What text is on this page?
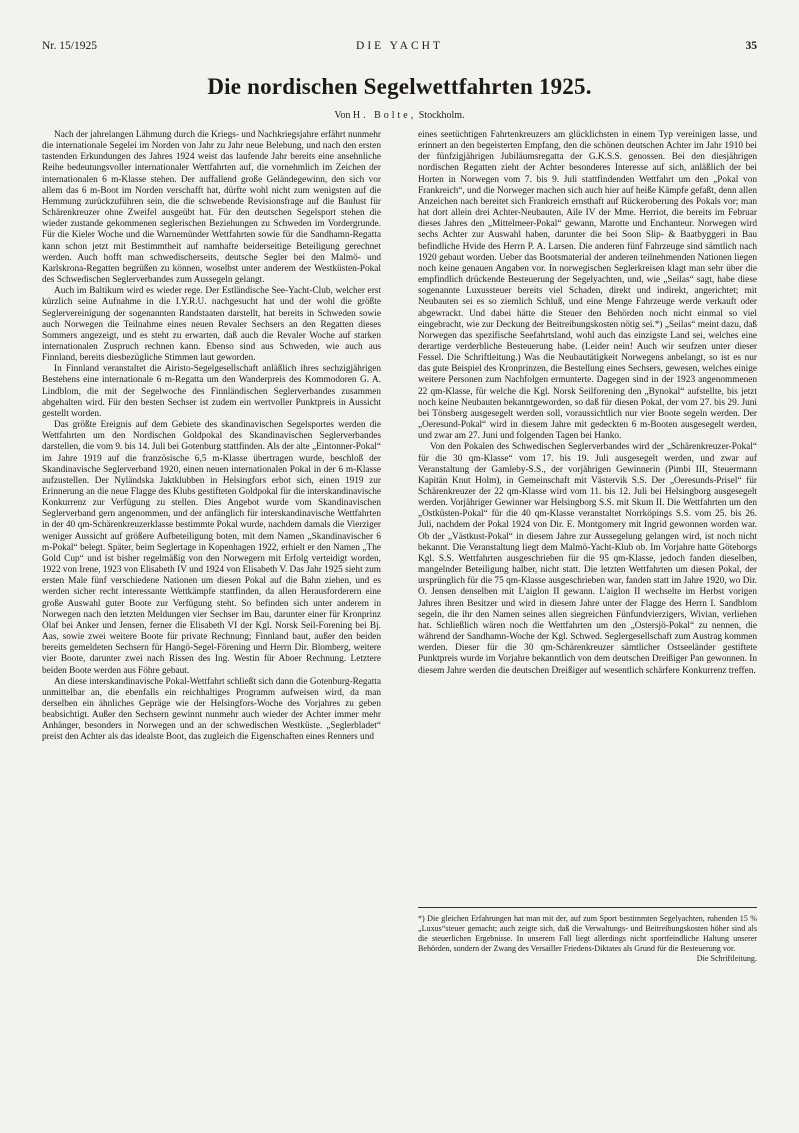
Nr. 15/1925	DIE YACHT	35
Die nordischen Segelwettfahrten 1925.
Von H. Bolte, Stockholm.

Nach der jahrelangen Lähmung durch die Kriegs- und Nachkriegsjahre erfährt nunmehr die internationale Segelei im Norden von Jahr zu Jahr neue Belebung, und nach den ersten tastenden Erkundungen des Jahres 1924 weist das laufende Jahr bereits eine ansehnliche Reihe bedeutungsvoller internationaler Wettfahrten auf, die vornehmlich im Zeichen der internationalen 6 m-Klasse stehen. Der auffallend große Geländegewinn, den sich vor allem das 6 m-Boot im Norden verschafft hat, dürfte wohl nicht zum wenigsten auf die Hemmung zurückzuführen sein, die die schwebende Revisionsfrage auf die Baulust für Schärenkreuzer ohne Zweifel ausgeübt hat. Für den deutschen Segelsport stehen die wieder zustande gekommenen seglerischen Beziehungen zu Schweden im Vordergrunde. Für die Kieler Woche und die Warnemünder Wettfahrten sowie für die Sandhamn-Regatta kann schon jetzt mit Bestimmtheit auf namhafte beiderseitige Beteiligung gerechnet werden. Auch hofft man schwedischerseits, deutsche Segler bei den Malmö- und Karlskrona-Regatten begrüßen zu können, woselbst unter anderem der Westküsten-Pokal des Schwedischen Seglerverbandes zum Aussegeln gelangt.

Auch im Baltikum wird es wieder rege. Der Estländische See-Yacht-Club, welcher erst kürzlich seine Aufnahme in die I.Y.R.U. nachgesucht hat und der wohl die größte Seglervereinigung der sogenannten Randstaaten darstellt, hat bereits in Schweden sowie auch Norwegen die Teilnahme eines neuen Revaler Sechsers an den Regatten dieses Sommers angezeigt, und es steht zu erwarten, daß auch die Revaler Woche auf starken internationalen Zuspruch rechnen kann. Ebenso sind aus Schweden, wie auch aus Finnland, bereits diesbezügliche Stimmen laut geworden.

In Finnland veranstaltet die Airisto-Segelgesellschaft anläßlich ihres sechzigjährigen Bestehens eine internationale 6 m-Regatta um den Wanderpreis des Kommodoren G. A. Lindblom, die mit der Segelwoche des Finnländischen Seglerverbandes zusammen abgehalten wird. Für den besten Sechser ist zudem ein wertvoller Punktpreis in Aussicht gestellt worden.

Das größte Ereignis auf dem Gebiete des skandinavischen Segelsportes werden die Wettfahrten um den Nordischen Goldpokal des Skandinavischen Seglerverbandes darstellen, die vom 9. bis 14. Juli bei Gotenburg stattfinden. Als der alte „Eintonner-Pokal“ im Jahre 1919 auf die französische 6,5 m-Klasse übertragen wurde, beschloß der Skandinavische Seglerverband 1920, einen neuen internationalen Pokal in der 6 m-Klasse aufzustellen. Der Nyländska Jaktklubben in Helsingfors erbot sich, einen 1919 zur Erinnerung an die neue Flagge des Klubs gestifteten Goldpokal für die interskandinavische Konkurrenz zur Verfügung zu stellen. Dies Angebot wurde vom Skandinavischen Seglerverband gern angenommen, und der anfänglich für interskandinavische Wettfahrten in der 40 qm-Schärenkreuzerklasse bestimmte Pokal wurde, nachdem damals die Vierziger weniger Aussicht auf größere Aufbeteiligung boten, mit dem Namen „Skandinavischer 6 m-Pokal“ belegt. Später, beim Seglertage in Kopenhagen 1922, erhielt er den Namen „The Gold Cup“ und ist bisher regelmäßig von den Norwegern mit Erfolg verteidigt worden, 1922 von Irene, 1923 von Elisabeth IV und 1924 von Elisabeth V. Das Jahr 1925 sieht zum ersten Male fünf verschiedene Nationen um diesen Pokal auf die Bahn ziehen, und es werden sicher recht interessante Wettkämpfe stattfinden, da allen Herausforderern eine große Auswahl guter Boote zur Verfügung steht. So befinden sich unter anderem in Norwegen nach den letzten Meldungen vier Sechser im Bau, darunter einer für Kronprinz Olaf bei Anker und Jensen, ferner die Elisabeth VI der Kgl. Norsk Seil-Forening bei Bj. Aas, sowie zwei weitere Boote für private Rechnung; Finnland baut, außer den beiden bereits gemeldeten Sechsern für Hangö-Segel-Förening und Herrn Dir. Blomberg, weitere vier Boote, darunter zwei nach Rissen des Ing. Westin für Aboer Rechnung. Letztere beiden Boote werden aus Föhre gebaut.

An diese interskandinavische Pokal-Wettfahrt schließt sich dann die Gotenburg-Regatta unmittelbar an, die ebenfalls ein reichhaltiges Programm aufweisen wird, da man derselben ein ähnliches Gepräge wie der Helsingfors-Woche des Vorjahres zu geben beabsichtigt. Außer den Sechsern gewinnt nunmehr auch wieder der Achter immer mehr Anhänger, besonders in Norwegen und an der schwedischen Westküste. „Seglerbladet“ preist den Achter als das idealste Boot, das zugleich die Eigenschaften eines Renners und

eines seetüchtigen Fahrtenkreuzers am glücklichsten in einem Typ vereinigen lasse, und erinnert an den begeisterten Empfang, den die schönen deutschen Achter im Jahr 1910 bei der fünfzigjährigen Jubiläumsregatta der G.K.S.S. genossen. Bei den diesjährigen nordischen Regatten zieht der Achter besonderes Interesse auf sich, anläßlich der bei Horten in Norwegen vom 7. bis 9. Juli stattfindenden Wettfahrt um den „Pokal von Frankreich“, und die Norweger machen sich auch hier auf heiße Kämpfe gefaßt, denn allen Anzeichen nach bereitet sich Frankreich ernsthaft auf Rückeroberung des Pokals vor; man hat dort allein drei Achter-Neubauten, Aile IV der Mme. Herriot, die bereits im Februar dieses Jahres den „Mittelmeer-Pokal“ gewann, Marotte und Enchanteur. Norwegen wird sechs Achter zur Auswahl haben, darunter die bei Soon Slip- & Baatbyggeri in Bau befindliche Hvide des Herrn P. A. Larsen. Die anderen fünf Fahrzeuge sind sämtlich nach 1920 gebaut worden. Ueber das Bootsmaterial der anderen teilnehmenden Nationen liegen noch keine genauen Angaben vor. In norwegischen Seglerkreisen klagt man sehr über die empfindlich drückende Besteuerung der Segelyachten, und, wie „Seilas“ sagt, habe diese sogenannte Luxussteuer bereits viel Schaden, direkt und indirekt, angerichtet; mit Neubauten sei es so ziemlich Schluß, und eine Menge Fahrzeuge werde verkauft oder abgewrackt. Und dabei hätte die Steuer den Behörden noch nicht einmal so viel eingebracht, wie zur Deckung der Beitreibungskosten nötig sei.*) „Seilas“ meint dazu, daß Norwegen das spezifische Seefahrtsland, wohl auch das einzigste Land sei, welches eine derartige verderbliche Besteuerung habe. (Leider nein! Auch wir seufzen unter dieser Fessel. Die Schriftleitung.) Was die Neubautätigkeit Norwegens anbelangt, so ist es nur das gute Beispiel des Kronprinzen, die Bestellung eines Sechsers, gewesen, welches einige weitere Personen zum Nachfolgen ermunterte. Dagegen sind in der 1923 angenommenen 22 qm-Klasse, für welche die Kgl. Norsk Seilforening den „Bynokal“ aufstellte, bis jetzt noch keine Neubauten bekanntgeworden, so daß für diesen Pokal, der vom 27. bis 29. Juni bei Tönsberg ausgesegelt werden soll, voraussichtlich nur vier Boote segeln werden. Der „Oeresund-Pokal“ wird in diesem Jahre mit gedeckten 6 m-Booten ausgesegelt werden, und zwar am 27. Juni und folgenden Tagen bei Hanko.

Von den Pokalen des Schwedischen Seglerverbandes wird der „Schärenkreuzer-Pokal“ für die 30 qm-Klasse“ vom 17. bis 19. Juli ausgesegelt werden, und zwar auf Veranstaltung der Gamleby-S.S., der vorjährigen Gewinnerin (Pimbi III, Steuermann Kapitän Knut Holm), in Gemeinschaft mit Västervik S.S. Der „Oeresunds-Prisel“ für Schärenkreuzer der 22 qm-Klasse wird vom 11. bis 12. Juli bei Helsingborg ausgesegelt werden. Vorjähriger Gewinner war Helsingborg S.S. mit Skum II. Die Wettfahrten um den „Ostküsten-Pokal“ für die 40 qm-Klasse veranstaltet Norrköpings S.S. vom 25. bis 26. Juli, nachdem der Pokal 1924 von Dir. E. Montgomery mit Ingrid gewonnen worden war. Ob der „Västkust-Pokal“ in diesem Jahre zur Aussegelung gelangen wird, ist noch nicht bekannt. Die Veranstaltung liegt dem Malmö-Yacht-Klub ob. Im Vorjahre hatte Göteborgs Kgl. S.S. Wettfahrten ausgeschrieben für die 95 qm-Klasse, jedoch fanden dieselben, mangelnder Beteiligung halber, nicht statt. Die letzten Wettfahrten um diesen Pokal, der ursprünglich für die 75 qm-Klasse ausgeschrieben war, fanden statt im Jahre 1920, wo Dir. O. Jensen denselben mit L'aiglon II gewann. L'aiglon II wechselte im Herbst vorigen Jahres ihren Besitzer und wird in diesem Jahre unter der Flagge des Herrn I. Sandblom segeln, die ihr den Namen seines allen siegreichen Fünfundvierzigers, Wivian, verliehen hat. Schließlich wären noch die Wettfahrten um den „Ostersjö-Pokal“ zu nennen, die während der Sandhamn-Woche der Kgl. Schwed. Seglergesellschaft zum Austrag kommen werden. Dieser für die 30 qm-Schärenkreuzer sämtlicher Ostseeländer gestiftete Punktpreis wurde im Vorjahre bekanntlich von dem deutschen Dreißiger Pan gewonnen. In diesem Jahre werden die deutschen Dreißiger auf wesentlich schärfere Konkurrenz treffen.

*) Die gleichen Erfahrungen hat man mit der, auf zum Sport bestimmten Segelyachten, ruhenden 15 % „Luxus“steuer gemacht; auch zeigte sich, daß die Verwaltungs- und Beitreibungskosten höher sind als die steuerlichen Ergebnisse. In unserem Fall liegt allerdings nicht sportfeindliche Haltung unserer Behörden, sondern der Zwang des Versailler Friedens-Diktates als Grund für die Besteuerung vor.
Die Schriftleitung.
